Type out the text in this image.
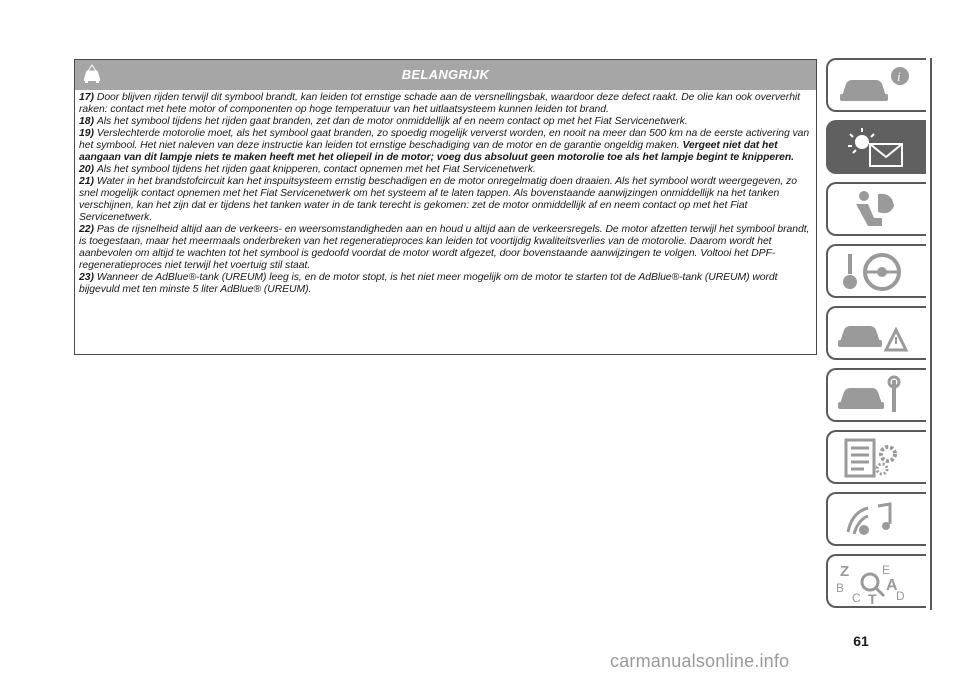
BELANGRIJK

17) Door blijven rijden terwijl dit symbool brandt, kan leiden tot ernstige schade aan de versnellingsbak, waardoor deze defect raakt. De olie kan ook oververhit raken: contact met hete motor of componenten op hoge temperatuur van het uitlaatsysteem kunnen leiden tot brand.

18) Als het symbool tijdens het rijden gaat branden, zet dan de motor onmiddellijk af en neem contact op met het Fiat Servicenetwerk.

19) Verslechterde motorolie moet, als het symbool gaat branden, zo spoedig mogelijk ververst worden, en nooit na meer dan 500 km na de eerste activering van het symbool. Het niet naleven van deze instructie kan leiden tot ernstige beschadiging van de motor en de garantie ongeldig maken. Vergeet niet dat het aangaan van dit lampje niets te maken heeft met het oliepeil in de motor; voeg dus absoluut geen motorolie toe als het lampje begint te knipperen.

20) Als het symbool tijdens het rijden gaat knipperen, contact opnemen met het Fiat Servicenetwerk.

21) Water in het brandstofcircuit kan het inspuitsysteem ernstig beschadigen en de motor onregelmatig doen draaien. Als het symbool wordt weergegeven, zo snel mogelijk contact opnemen met het Fiat Servicenetwerk om het systeem af te laten tappen. Als bovenstaande aanwijzingen onmiddellijk na het tanken verschijnen, kan het zijn dat er tijdens het tanken water in de tank terecht is gekomen: zet de motor onmiddellijk af en neem contact op met het Fiat Servicenetwerk.

22) Pas de rijsnelheid altijd aan de verkeers- en weersomstandigheden aan en houd u altijd aan de verkeersregels. De motor afzetten terwijl het symbool brandt, is toegestaan, maar het meermaals onderbreken van het regeneratieproces kan leiden tot voortijdig kwaliteitsverlies van de motorolie. Daarom wordt het aanbevolen om altijd te wachten tot het symbool is gedoofd voordat de motor wordt afgezet, door bovenstaande aanwijzingen te volgen. Voltooi het DPF-regeneratieproces niet terwijl het voertuig stil staat.

23) Wanneer de AdBlue®-tank (UREUM) leeg is, en de motor stopt, is het niet meer mogelijk om de motor te starten tot de AdBlue®-tank (UREUM) wordt bijgevuld met ten minste 5 liter AdBlue® (UREUM).

i
Z	E
A
B
C T D
61
carmanualsonline.info
